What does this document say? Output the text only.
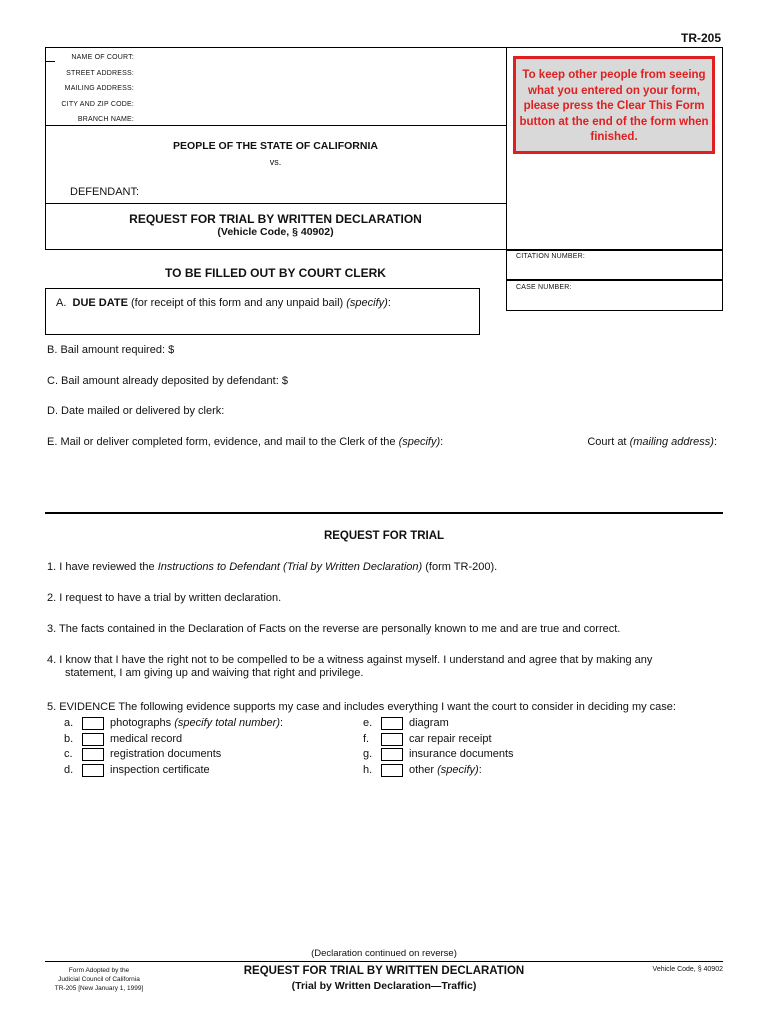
TR-205
NAME OF COURT:
STREET ADDRESS:
MAILING ADDRESS:
CITY AND ZIP CODE:
BRANCH NAME:
PEOPLE OF THE STATE OF CALIFORNIA
vs.
DEFENDANT:
REQUEST FOR TRIAL BY WRITTEN DECLARATION
(Vehicle Code, § 40902)
To keep other people from seeing what you entered on your form, please press the Clear This Form button at the end of the form when finished.
CITATION NUMBER:
CASE NUMBER:
TO BE FILLED OUT BY COURT CLERK
A. DUE DATE (for receipt of this form and any unpaid bail) (specify):
B. Bail amount required: $
C. Bail amount already deposited by defendant: $
D. Date mailed or delivered by clerk:
E. Mail or deliver completed form, evidence, and mail to the Clerk of the (specify):	Court at (mailing address):
REQUEST FOR TRIAL
1. I have reviewed the Instructions to Defendant (Trial by Written Declaration) (form TR-200).
2. I request to have a trial by written declaration.
3. The facts contained in the Declaration of Facts on the reverse are personally known to me and are true and correct.
4. I know that I have the right not to be compelled to be a witness against myself. I understand and agree that by making any
statement, I am giving up and waiving that right and privilege.
5. EVIDENCE The following evidence supports my case and includes everything I want the court to consider in deciding my case:
a.	photographs (specify total number):
b.	medical record
c.	registration documents
d.	inspection certificate
e.	diagram
f.	car repair receipt
g.	insurance documents
h.	other (specify):
(Declaration continued on reverse)
Form Adopted by the
Judicial Council of California
TR-205 [New January 1, 1999]
REQUEST FOR TRIAL BY WRITTEN DECLARATION
(Trial by Written Declaration—Traffic)
Vehicle Code, § 40902
